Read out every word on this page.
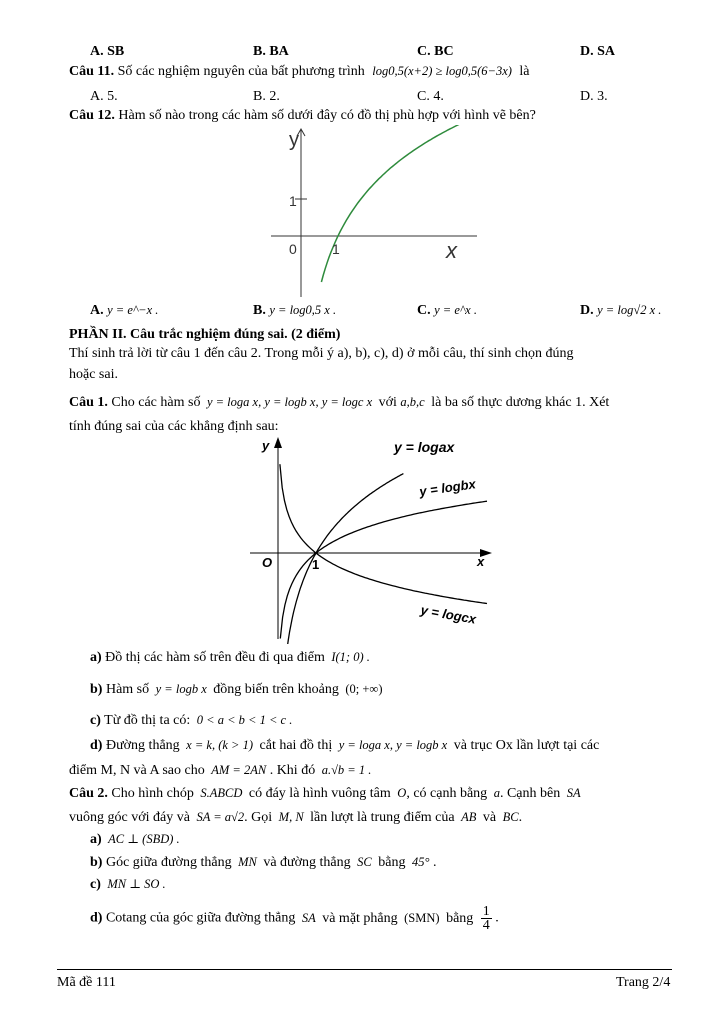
A. SB	B. BA	C. BC	D. SA
Câu 11. Số các nghiệm nguyên của bất phương trình log0,5(x+2) ≥ log0,5(6−3x) là
A. 5.	B. 2.	C. 4.	D. 3.
Câu 12. Hàm số nào trong các hàm số dưới đây có đồ thị phù hợp với hình vẽ bên?
y
1
0	1	x
A. y = e^−x .	B. y = log0,5 x .	C. y = e^x .	D. y = log√2 x .
PHẦN II. Câu trắc nghiệm đúng sai. (2 điểm)
Thí sinh trả lời từ câu 1 đến câu 2. Trong mỗi ý a), b), c), d) ở mỗi câu, thí sinh chọn đúng
hoặc sai.
Câu 1. Cho các hàm số y = loga x, y = logb x, y = logc x với a,b,c là ba số thực dương khác 1. Xét
tính đúng sai của các khẳng định sau:
y
x
O	1
y = logax
y = logbx
y = logcx
a) Đồ thị các hàm số trên đều đi qua điểm I(1; 0) .
b) Hàm số y = logb x đồng biến trên khoảng (0; +∞)
c) Từ đồ thị ta có: 0 < a < b < 1 < c .
d) Đường thẳng x = k, (k > 1) cắt hai đồ thị y = loga x, y = logb x và trục Ox lần lượt tại các
điểm M, N và A sao cho AM = 2AN . Khi đó a.√b = 1 .
Câu 2. Cho hình chóp S.ABCD có đáy là hình vuông tâm O, có cạnh bằng a. Cạnh bên SA
vuông góc với đáy và SA = a√2. Gọi M, N lần lượt là trung điểm của AB và BC.
a) AC ⊥ (SBD) .
b) Góc giữa đường thẳng MN và đường thẳng SC bằng 45° .
c) MN ⊥ SO .
d) Cotang của góc giữa đường thẳng SA và mặt phẳng (SMN) bằng $\frac{1}{4}$ .
Mã đề 111	Trang 2/4
